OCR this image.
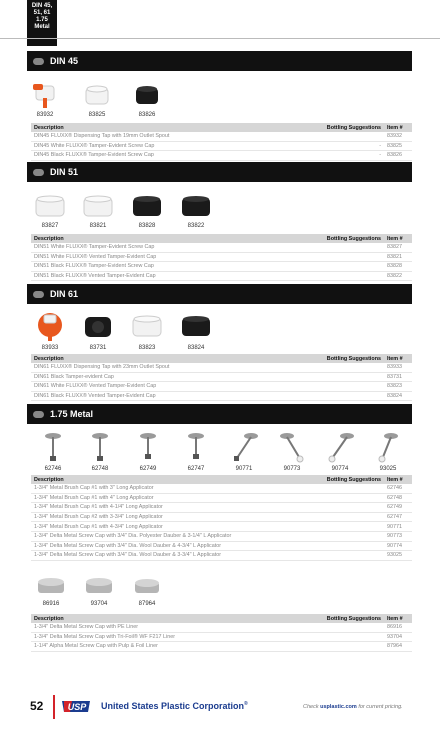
DIN 45,
51, 61
1.75
Metal
DIN 45
83932	83825	83826
Description	Bottling Suggestions	Item #
DIN45 FLUXX® Dispensing Tap with 19mm Outlet Spout		83932
DIN45 White FLUXX® Tamper-Evident Screw Cap	-	83825
DIN45 Black FLUXX® Tamper-Evident Screw Cap	-	83826
DIN 51
83827	83821	83828	83822
Description	Bottling Suggestions	Item #
DIN51 White FLUXX® Tamper-Evident Screw Cap		83827
DIN51 White FLUXX® Vented Tamper-Evident Cap		83821
DIN51 Black FLUXX® Tamper-Evident Screw Cap		83828
DIN51 Black FLUXX® Vented Tamper-Evident Cap		83822
DIN 61
83933	83731	83823	83824
Description	Bottling Suggestions	Item #
DIN61 FLUXX® Dispensing Tap with 23mm Outlet Spout		83933
DIN61 Black Tamper-evident Cap		83731
DIN61 White FLUXX® Vented Tamper-Evident Cap		83823
DIN61 Black FLUXX® Vented Tamper-Evident Cap		83824
1.75 Metal
62746	62748	62749	62747	90771	90773	90774	93025
Description	Bottling Suggestions	Item #
1-3/4" Metal Brush Cap #1 with 3" Long Applicator		62746
1-3/4" Metal Brush Cap #1 with 4" Long Applicator		62748
1-3/4" Metal Brush Cap #1 with 4-1/4" Long Applicator		62749
1-3/4" Metal Brush Cap #2 with 3-3/4" Long Applicator		62747
1-3/4" Metal Brush Cap #1 with 4-3/4" Long Applicator		90771
1-3/4" Delta Metal Screw Cap with 3/4" Dia. Polyester Dauber & 3-1/4" L Applicator		90773
1-3/4" Delta Metal Screw Cap with 3/4" Dia. Wool Dauber & 4-3/4" L Applicator		90774
1-3/4" Delta Metal Screw Cap with 3/4" Dia. Wool Dauber & 3-3/4" L Applicator		93025
86916	93704	87964
Description	Bottling Suggestions	Item #
1-3/4" Delta Metal Screw Cap with PE Liner		86916
1-3/4" Delta Metal Screw Cap with Tri-Foil® WF F217 Liner		93704
1-1/4" Alpha Metal Screw Cap with Pulp & Foil Liner		87964
52	USP United States Plastic Corporation®	Check usplastic.com for current pricing.
